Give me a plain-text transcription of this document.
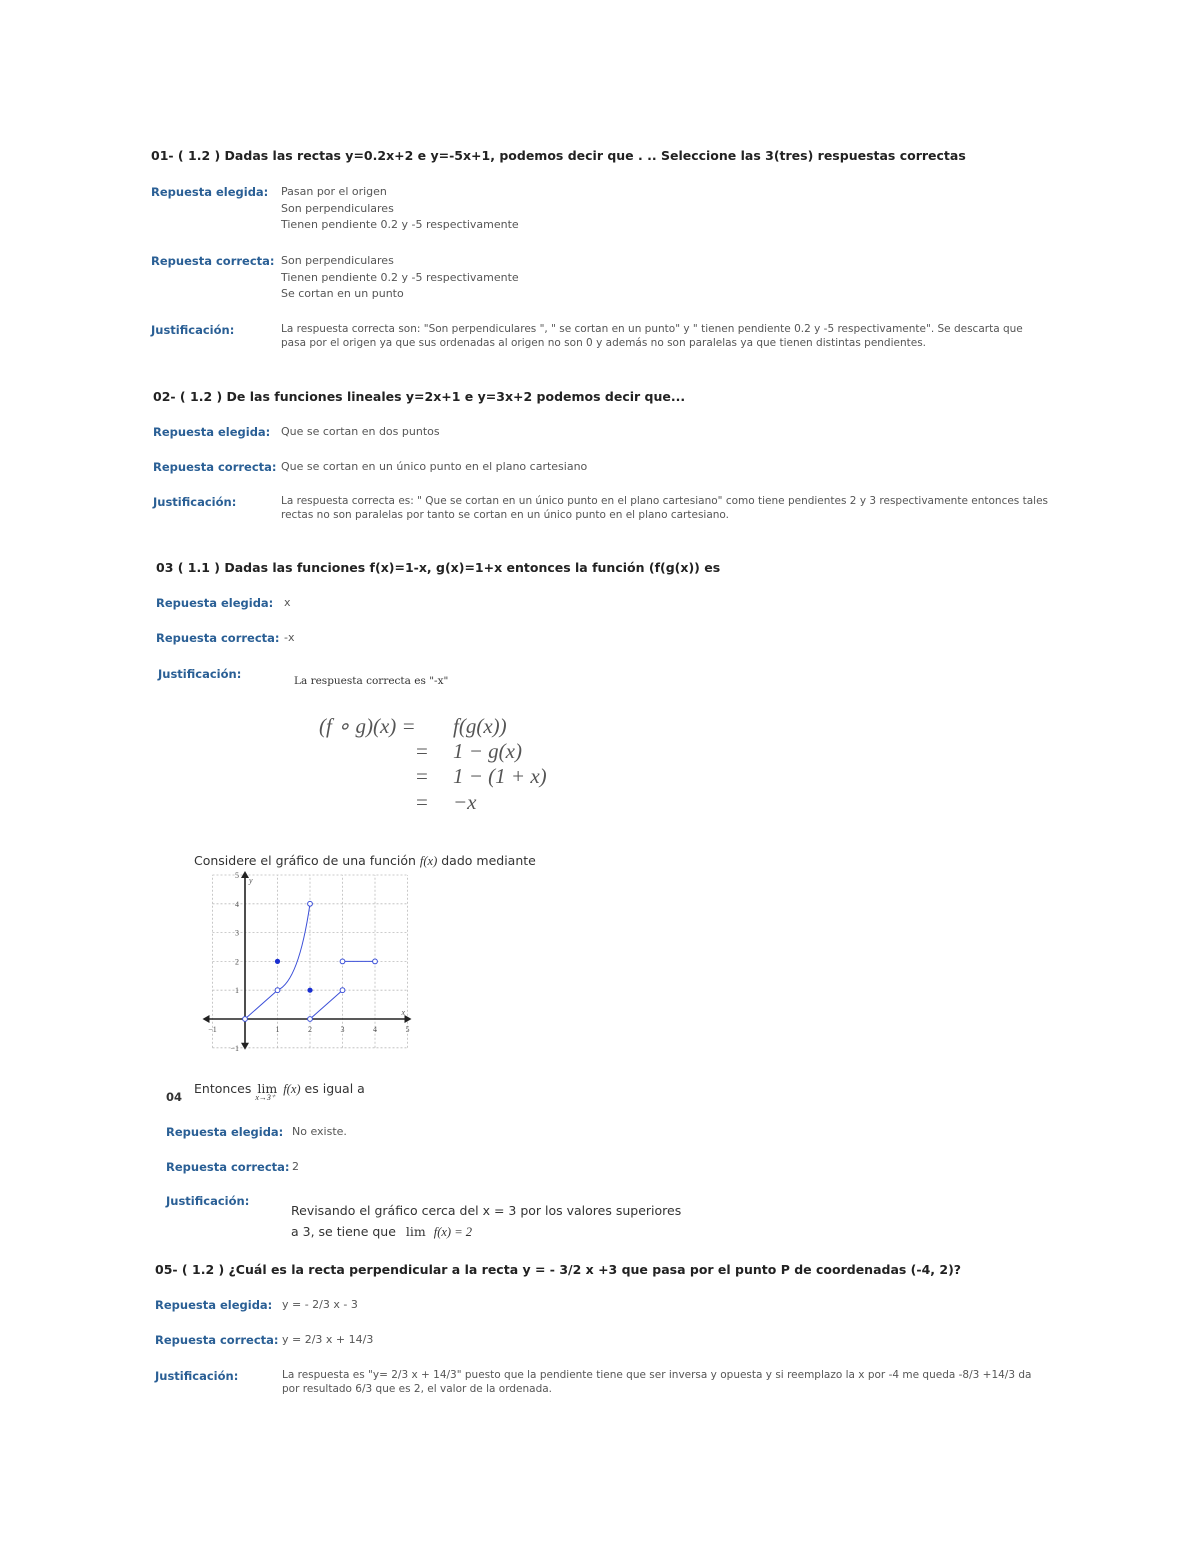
01- ( 1.2 ) Dadas las rectas y=0.2x+2 e y=-5x+1, podemos decir que . .. Seleccione las 3(tres) respuestas correctas
Repuesta elegida: Pasan por el origen
Son perpendiculares
Tienen pendiente 0.2 y -5 respectivamente
Repuesta correcta: Son perpendiculares
Tienen pendiente 0.2 y -5 respectivamente
Se cortan en un punto
Justificación:	La respuesta correcta son: "Son perpendiculares ", " se cortan en un punto" y " tienen pendiente 0.2 y -5 respectivamente". Se descarta que pasa por el origen ya que sus ordenadas al origen no son 0 y además no son paralelas ya que tienen distintas pendientes.
02- ( 1.2 ) De las funciones lineales y=2x+1 e y=3x+2 podemos decir que...
Repuesta elegida: Que se cortan en dos puntos
Repuesta correcta: Que se cortan en un único punto en el plano cartesiano
Justificación:	La respuesta correcta es: " Que se cortan en un único punto en el plano cartesiano" como tiene pendientes 2 y 3 respectivamente entonces tales rectas no son paralelas por tanto se cortan en un único punto en el plano cartesiano.
03 ( 1.1 ) Dadas las funciones f(x)=1-x, g(x)=1+x entonces la función (f(g(x)) es
Repuesta elegida: x
Repuesta correcta: -x
Justificación:	La respuesta correcta es "-x"
(f ∘ g)(x) = f(g(x))
= 1 − g(x)
= 1 − (1 + x)
= −x
Considere el gráfico de una función f(x) dado mediante
−1	1	2	3	4	5
−1
1
2
3
4
5
x
y
04
Entonces lim
x→3⁺
f(x) es igual a
Repuesta elegida: No existe.
Repuesta correcta: 2
Justificación:
Revisando el gráfico cerca del x = 3 por los valores superiores
a 3, se tiene que lim f(x) = 2
05- ( 1.2 ) ¿Cuál es la recta perpendicular a la recta y = - 3/2 x +3 que pasa por el punto P de coordenadas (-4, 2)?
Repuesta elegida: y = - 2/3 x - 3
Repuesta correcta: y = 2/3 x + 14/3
Justificación:	La respuesta es "y= 2/3 x + 14/3" puesto que la pendiente tiene que ser inversa y opuesta y si reemplazo la x por -4 me queda -8/3 +14/3 da por resultado 6/3 que es 2, el valor de la ordenada.
